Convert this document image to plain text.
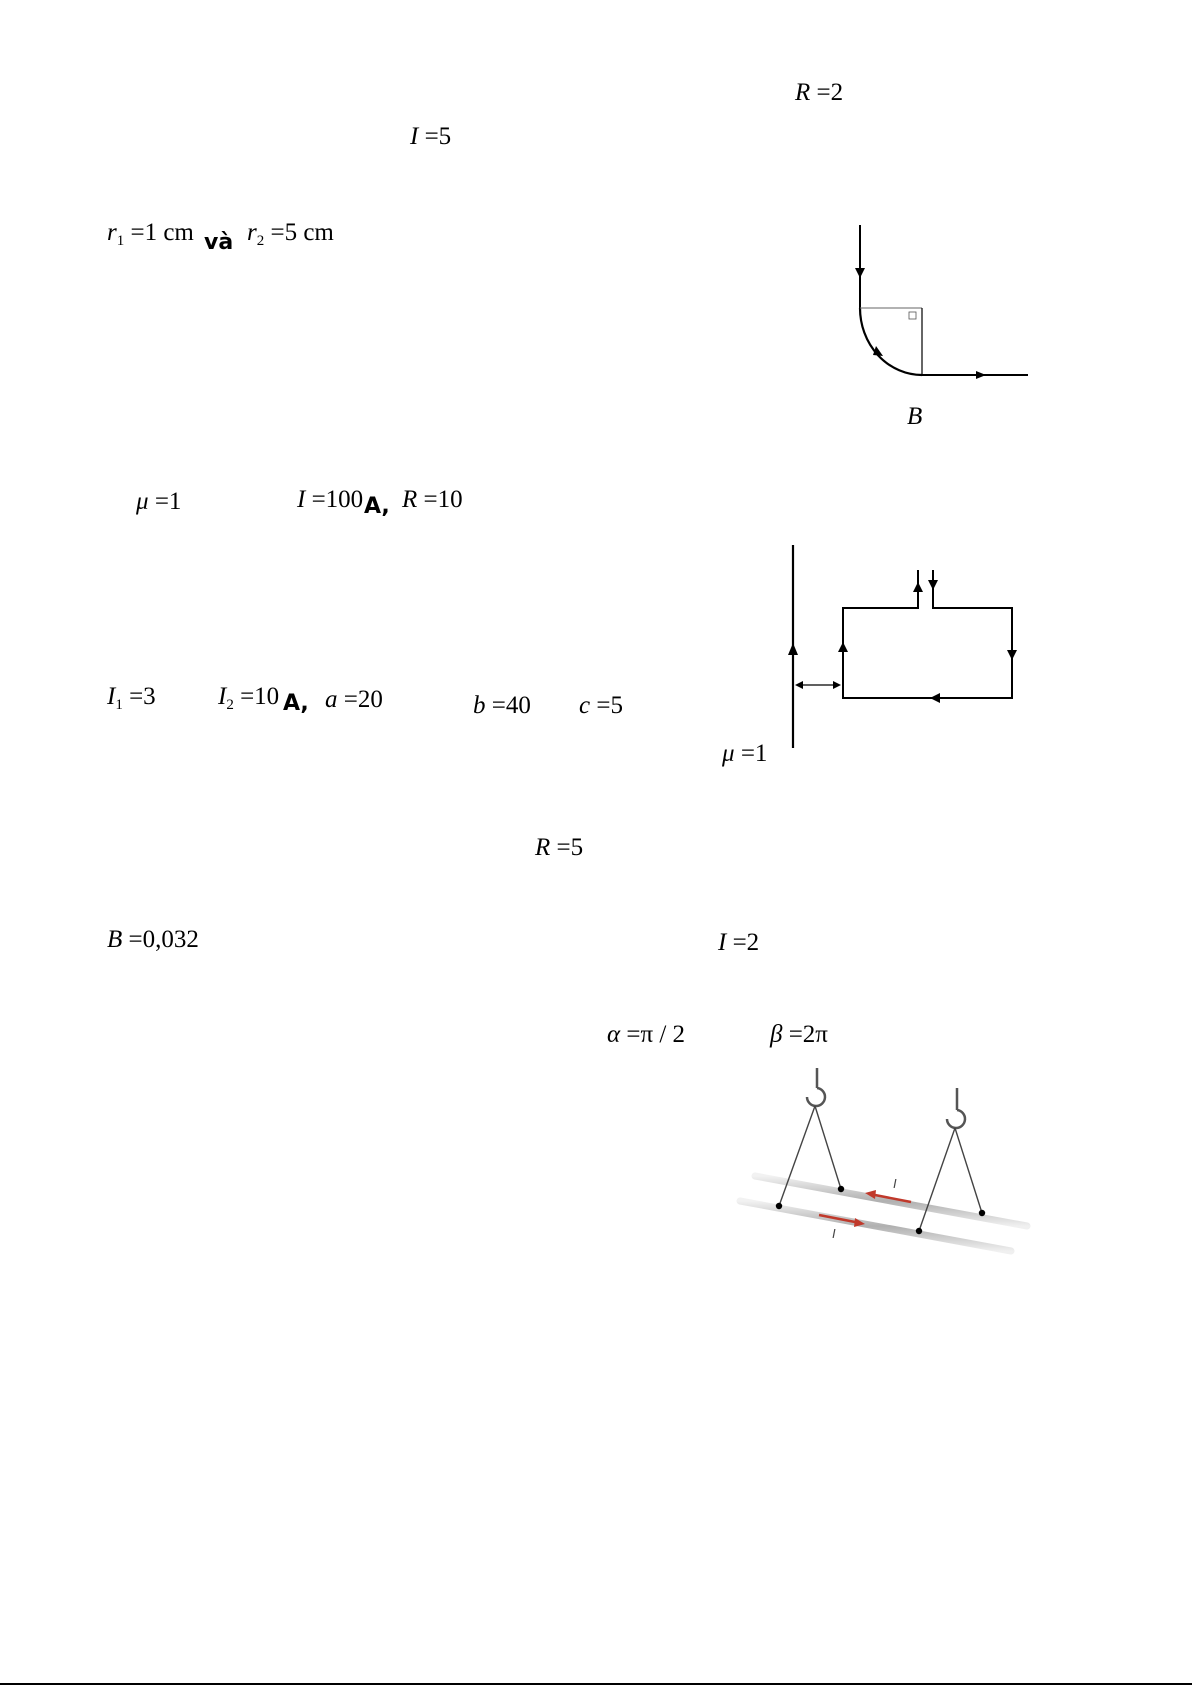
R =2
I =5
$r_1 =1$ cm và $r_2 =5$ cm
B
μ =1	I =100 A, R =10
$I_1 =3$ $I_2 =10$ A, a =20	b =40 c =5
μ =1
R =5
B =0,032	I =2
α =π / 2	β =2π
I
I
